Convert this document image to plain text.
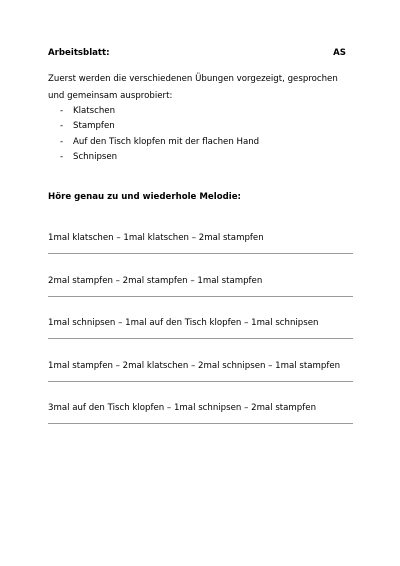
Arbeitsblatt:	AS
Zuerst werden die verschiedenen Übungen vorgezeigt, gesprochen
und gemeinsam ausprobiert:
- Klatschen
- Stampfen
- Auf den Tisch klopfen mit der flachen Hand
- Schnipsen
Höre genau zu und wiederhole Melodie:
1mal klatschen – 1mal klatschen – 2mal stampfen
2mal stampfen – 2mal stampfen – 1mal stampfen
1mal schnipsen – 1mal auf den Tisch klopfen – 1mal schnipsen
1mal stampfen – 2mal klatschen – 2mal schnipsen – 1mal stampfen
3mal auf den Tisch klopfen – 1mal schnipsen – 2mal stampfen
